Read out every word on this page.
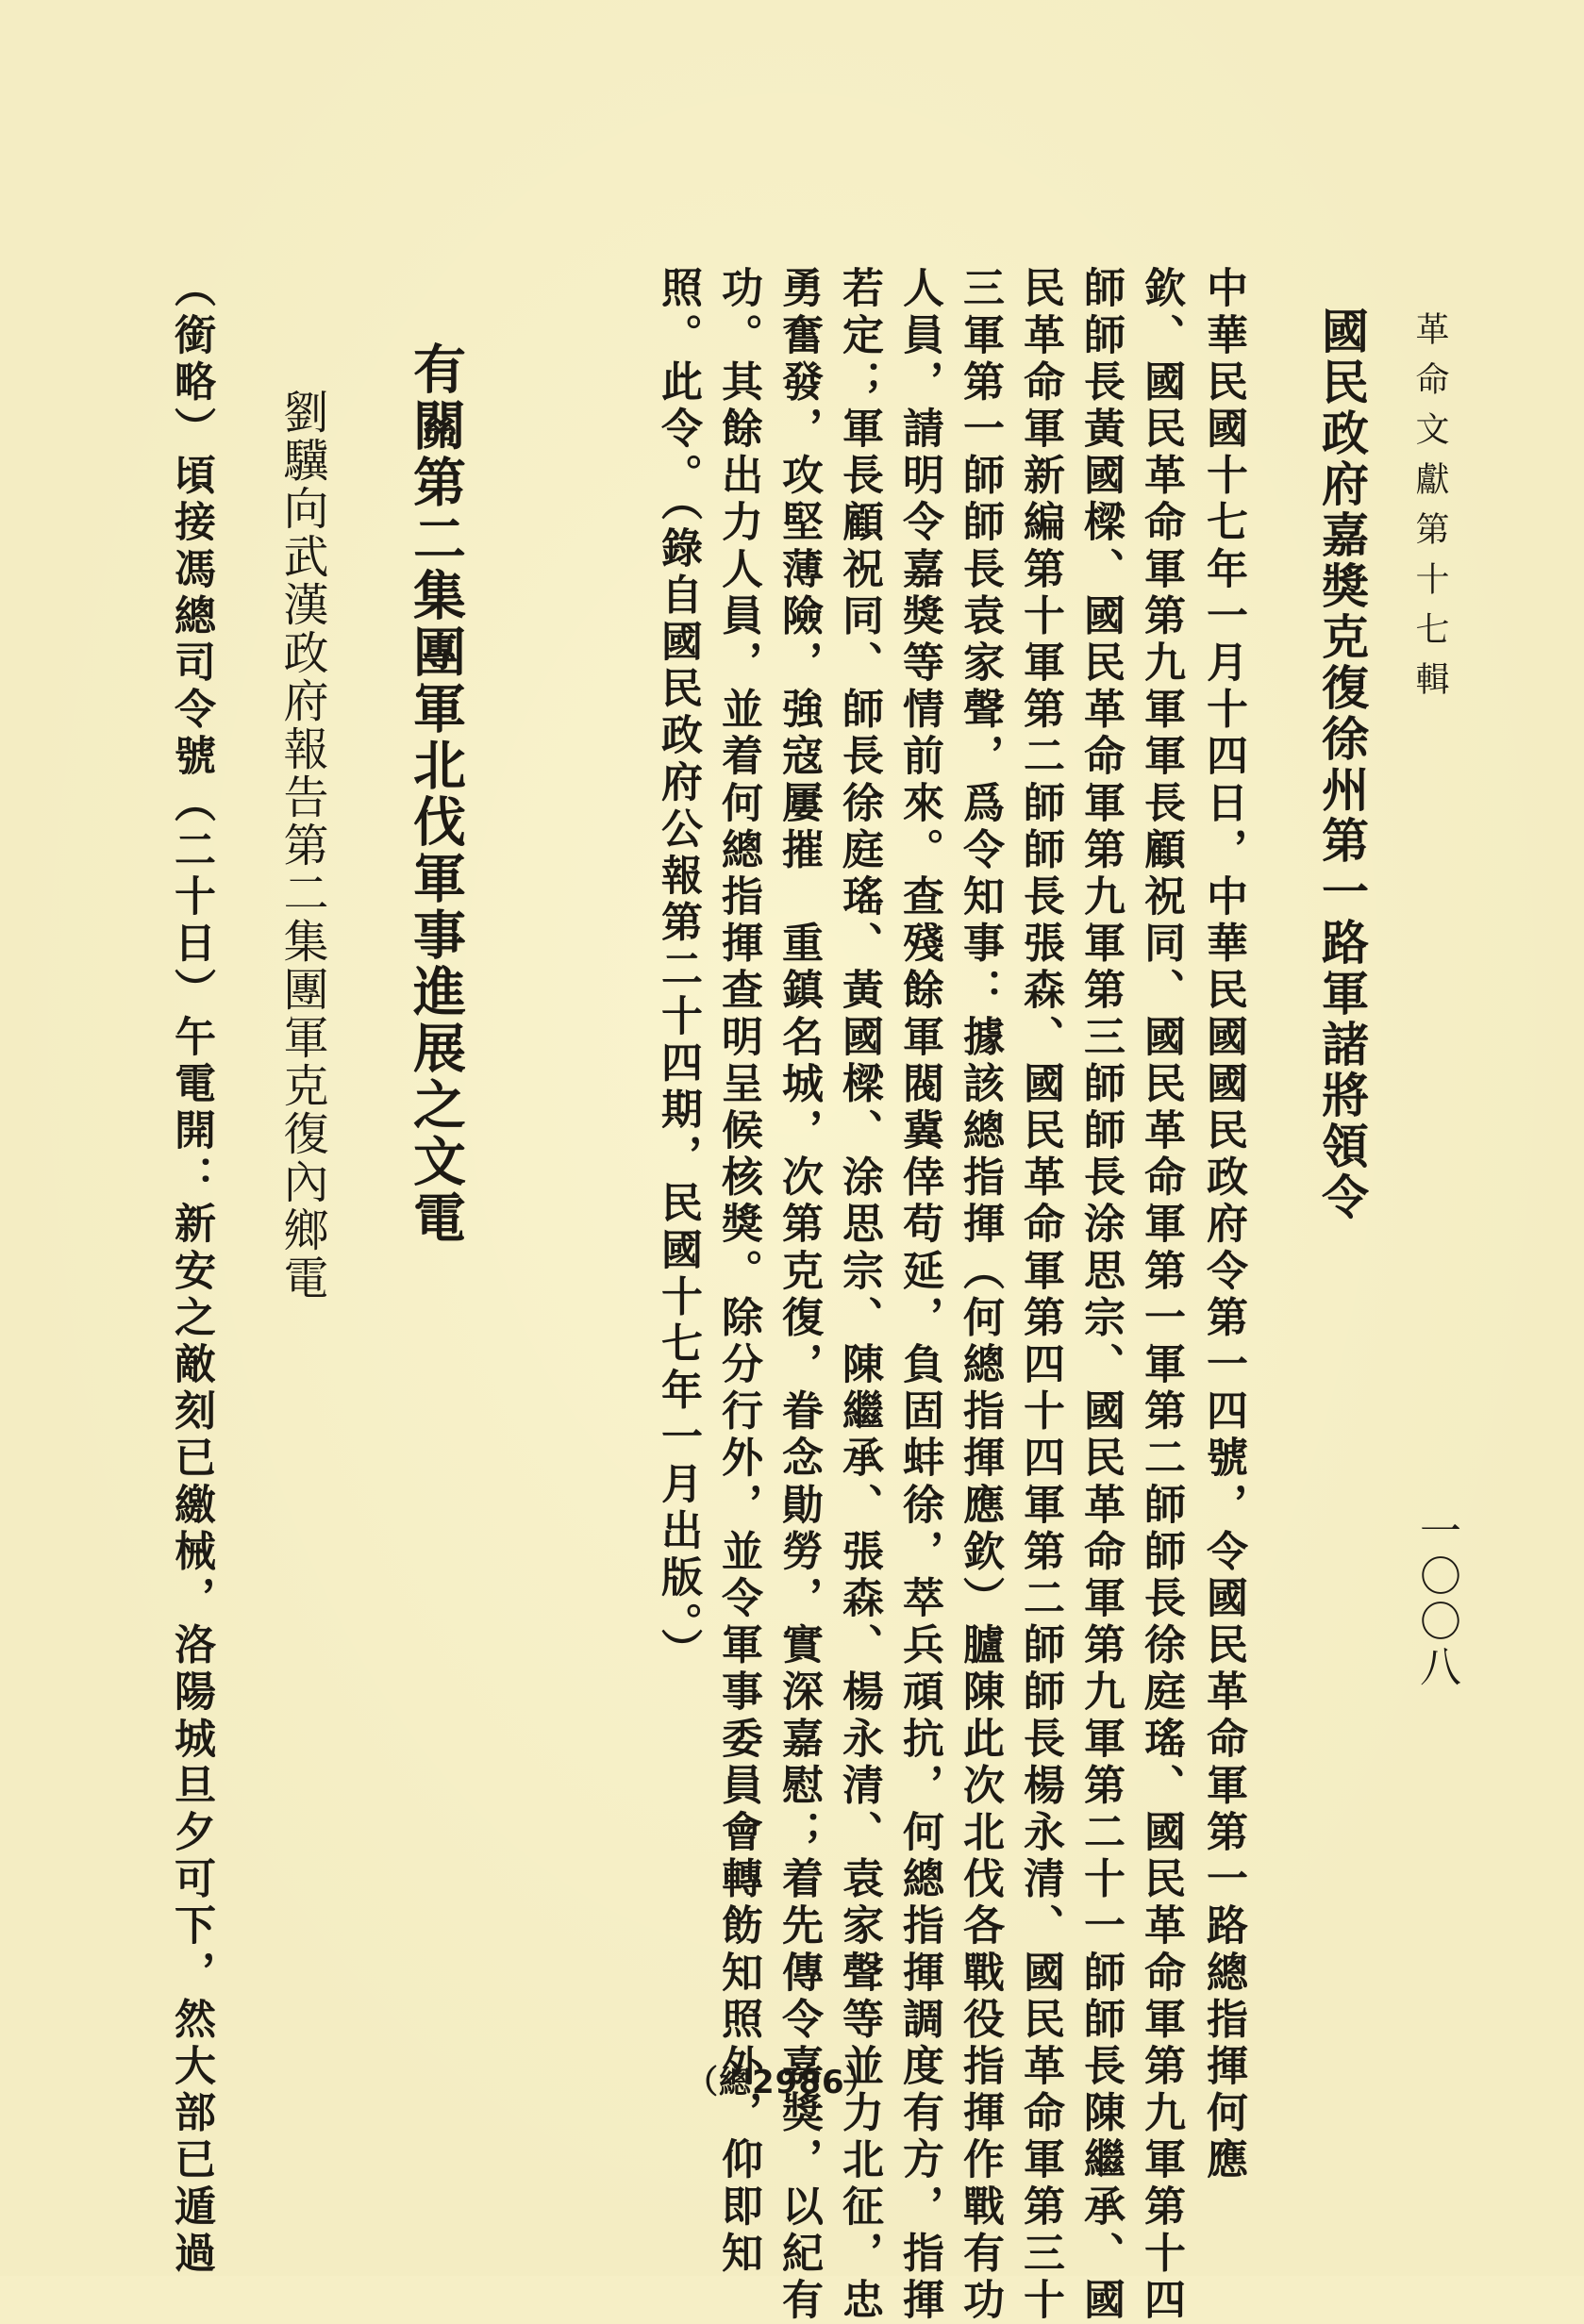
革命文獻第十七輯
一〇〇八
國民政府嘉獎克復徐州第一路軍諸將領令
中華民國十七年一月十四日，中華民國國民政府令第一四號，令國民革命軍第一路總指揮何應
欽、國民革命軍第九軍軍長顧祝同、國民革命軍第一軍第二師師長徐庭瑤、國民革命軍第九軍第十四
師師長黃國樑、國民革命軍第九軍第三師師長涂思宗、國民革命軍第九軍第二十一師師長陳繼承、國
民革命軍新編第十軍第二師師長張森、國民革命軍第四十四軍第二師師長楊永清、國民革命軍第三十
三軍第一師師長袁家聲，爲令知事：據該總指揮（何總指揮應欽）臚陳此次北伐各戰役指揮作戰有功
人員，請明令嘉獎等情前來。查殘餘軍閥冀倖苟延，負固蚌徐，萃兵頑抗，何總指揮調度有方，指揮
若定；軍長顧祝同、師長徐庭瑤、黃國樑、涂思宗、陳繼承、張森、楊永清、袁家聲等並力北征，忠
勇奮發，攻堅薄險，強寇屢摧　重鎮名城，次第克復，眷念勛勞，實深嘉慰；着先傳令嘉獎，以紀有
功。其餘出力人員，並着何總指揮查明呈候核獎。除分行外，並令軍事委員會轉飭知照外，仰即知
照。此令。（錄自國民政府公報第二十四期，民國十七年一月出版。）
有關第二集團軍北伐軍事進展之文電
劉驥向武漢政府報告第二集團軍克復內鄉電
（銜略）頃接馮總司令號（二十日）午電開：新安之敵刻已繳械，洛陽城旦夕可下，然大部已遁過	（總2986）
